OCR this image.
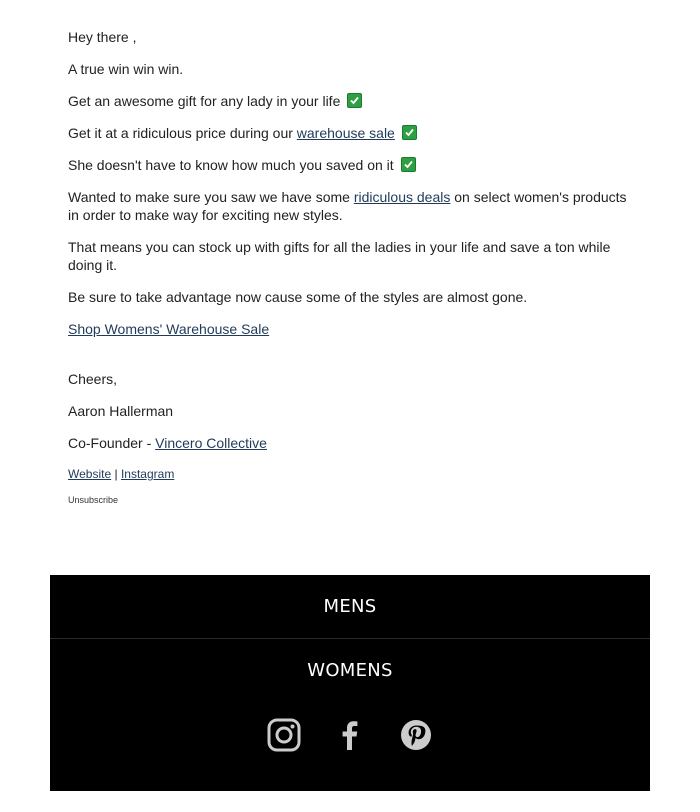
Hey there ,

A true win win win.

Get an awesome gift for any lady in your life

Get it at a ridiculous price during our warehouse sale

She doesn't have to know how much you saved on it

Wanted to make sure you saw we have some ridiculous deals on select women's products in order to make way for exciting new styles.

That means you can stock up with gifts for all the ladies in your life and save a ton while doing it.

Be sure to take advantage now cause some of the styles are almost gone.

Shop Womens' Warehouse Sale

Cheers,

Aaron Hallerman

Co-Founder - Vincero Collective

Website | Instagram

Unsubscribe

MENS
WOMENS
